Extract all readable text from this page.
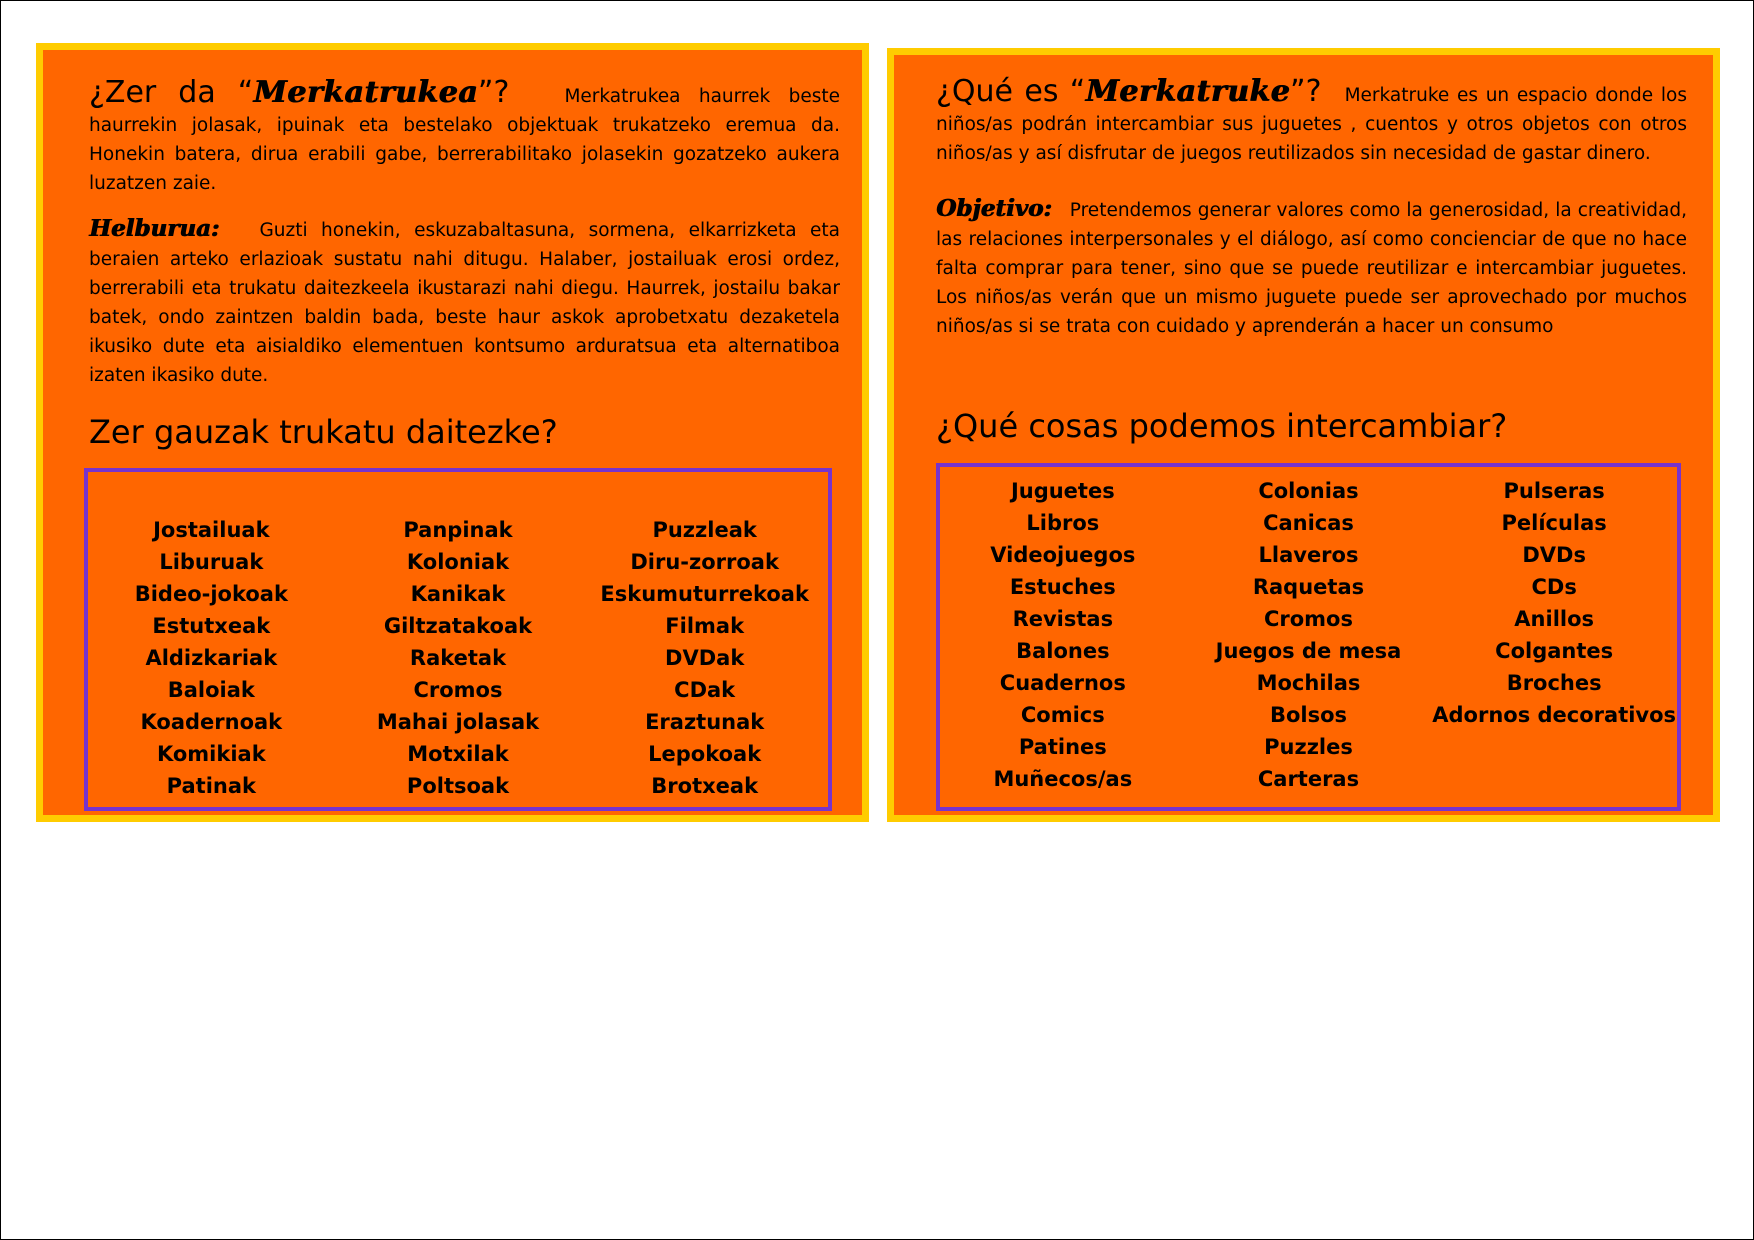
¿Zer da “Merkatrukea”?	Merkatrukea haurrek beste haurrekin jolasak, ipuinak eta bestelako objektuak trukatzeko eremua da. Honekin batera, dirua erabili gabe, berrerabilitako jolasekin gozatzeko aukera luzatzen zaie.

Helburua: Guzti honekin, eskuzabaltasuna, sormena, elkarrizketa eta beraien arteko erlazioak sustatu nahi ditugu. Halaber, jostailuak erosi ordez, berrerabili eta trukatu daitezkeela ikustarazi nahi diegu. Haurrek, jostailu bakar batek, ondo zaintzen baldin bada, beste haur askok aprobetxatu dezaketela ikusiko dute eta aisialdiko elementuen kontsumo arduratsua eta alternatiboa izaten ikasiko dute.

Zer gauzak trukatu daitezke?
Jostailuak
Liburuak
Bideo-jokoak
Estutxeak
Aldizkariak
Baloiak
Koadernoak
Komikiak
Patinak
Panpinak
Koloniak
Kanikak
Giltzatakoak
Raketak
Cromos
Mahai jolasak
Motxilak
Poltsoak
Puzzleak
Diru-zorroak
Eskumuturrekoak
Filmak
DVDak
CDak
Eraztunak
Lepokoak
Brotxeak

¿Qué es “Merkatruke”? Merkatruke es un espacio donde los niños/as podrán intercambiar sus juguetes , cuentos y otros objetos con otros niños/as y así disfrutar de juegos reutilizados sin necesidad de gastar dinero.

Objetivo: Pretendemos generar valores como la generosidad, la creatividad, las relaciones interpersonales y el diálogo, así como concienciar de que no hace falta comprar para tener, sino que se puede reutilizar e intercambiar juguetes. Los niños/as verán que un mismo juguete puede ser aprovechado por muchos niños/as si se trata con cuidado y aprenderán a hacer un consumo

¿Qué cosas podemos intercambiar?
Juguetes
Libros
Videojuegos
Estuches
Revistas
Balones
Cuadernos
Comics
Patines
Muñecos/as
Colonias
Canicas
Llaveros
Raquetas
Cromos
Juegos de mesa
Mochilas
Bolsos
Puzzles
Carteras
Pulseras
Películas
DVDs
CDs
Anillos
Colgantes
Broches
Adornos decorativos
